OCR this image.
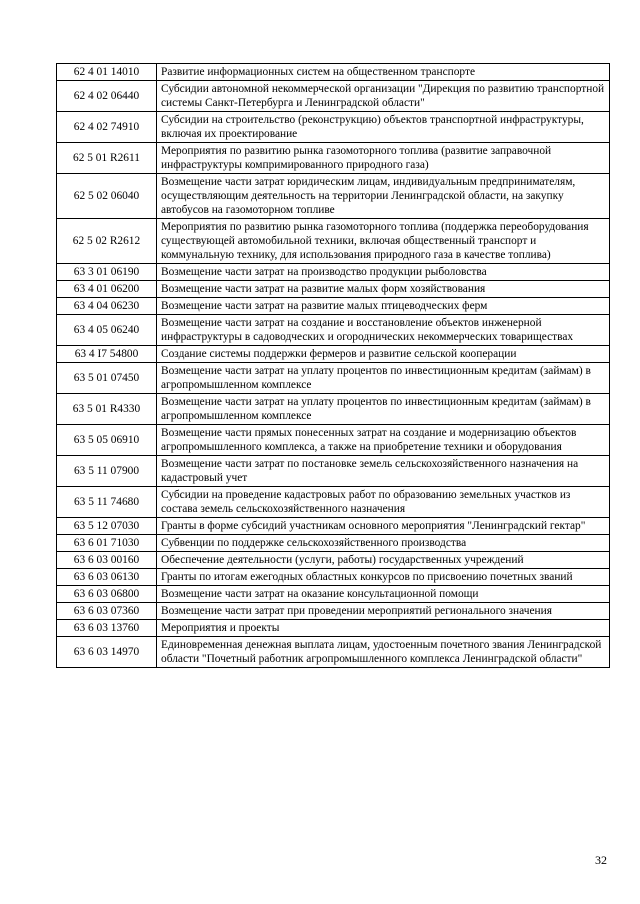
62 4 01 14010	Развитие информационных систем на общественном транспорте
62 4 02 06440	Субсидии автономной некоммерческой организации "Дирекция по развитию транспортной системы Санкт-Петербурга и Ленинградской области"
62 4 02 74910	Субсидии на строительство (реконструкцию) объектов транспортной инфраструктуры, включая их проектирование
62 5 01 R2611	Мероприятия по развитию рынка газомоторного топлива (развитие заправочной инфраструктуры компримированного природного газа)
62 5 02 06040	Возмещение части затрат юридическим лицам, индивидуальным предпринимателям, осуществляющим деятельность на территории Ленинградской области, на закупку автобусов на газомоторном топливе
62 5 02 R2612	Мероприятия по развитию рынка газомоторного топлива (поддержка переоборудования существующей автомобильной техники, включая общественный транспорт и коммунальную технику, для использования природного газа в качестве топлива)
63 3 01 06190	Возмещение части затрат на производство продукции рыболовства
63 4 01 06200	Возмещение части затрат на развитие малых форм хозяйствования
63 4 04 06230	Возмещение части затрат на развитие малых птицеводческих ферм
63 4 05 06240	Возмещение части затрат на создание и восстановление объектов инженерной инфраструктуры в садоводческих и огороднических некоммерческих товариществах
63 4 I7 54800	Создание системы поддержки фермеров и развитие сельской кооперации
63 5 01 07450	Возмещение части затрат на уплату процентов по инвестиционным кредитам (займам) в агропромышленном комплексе
63 5 01 R4330	Возмещение части затрат на уплату процентов по инвестиционным кредитам (займам) в агропромышленном комплексе
63 5 05 06910	Возмещение части прямых понесенных затрат на создание и модернизацию объектов агропромышленного комплекса, а также на приобретение техники и оборудования
63 5 11 07900	Возмещение части затрат по постановке земель сельскохозяйственного назначения на кадастровый учет
63 5 11 74680	Субсидии на проведение кадастровых работ по образованию земельных участков из состава земель сельскохозяйственного назначения
63 5 12 07030	Гранты в форме субсидий участникам основного мероприятия "Ленинградский гектар"
63 6 01 71030	Субвенции по поддержке сельскохозяйственного производства
63 6 03 00160	Обеспечение деятельности (услуги, работы) государственных учреждений
63 6 03 06130	Гранты по итогам ежегодных областных конкурсов по присвоению почетных званий
63 6 03 06800	Возмещение части затрат на оказание консультационной помощи
63 6 03 07360	Возмещение части затрат при проведении мероприятий регионального значения
63 6 03 13760	Мероприятия и проекты
63 6 03 14970	Единовременная денежная выплата лицам, удостоенным почетного звания Ленинградской области "Почетный работник агропромышленного комплекса Ленинградской области"
32
